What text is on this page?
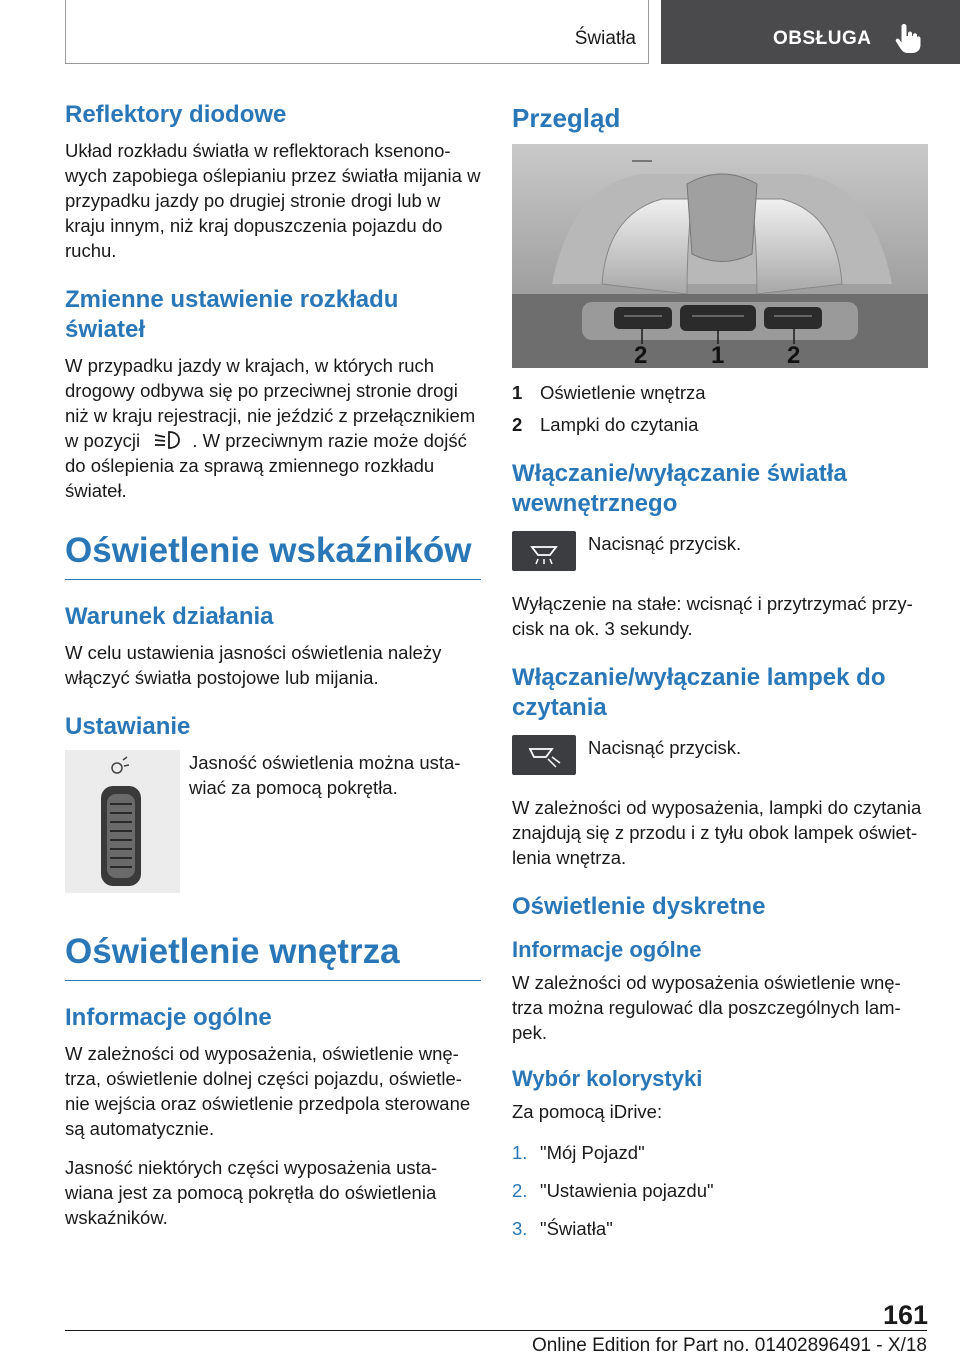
Światła	OBSŁUGA
Reflektory diodowe

Układ rozkładu światła w reflektorach ksenono-wych zapobiega oślepianiu przez światła mijania w przypadku jazdy po drugiej stronie drogi lub w kraju innym, niż kraj dopuszczenia pojazdu do ruchu.

Zmienne ustawienie rozkładu świateł

W przypadku jazdy w krajach, w których ruch drogowy odbywa się po przeciwnej stronie drogi niż w kraju rejestracji, nie jeździć z przełącznikiem w pozycji	. W przeciwnym razie może dojść do oślepienia za sprawą zmiennego rozkładu świateł.

Oświetlenie wskaźników
Warunek działania

W celu ustawienia jasności oświetlenia należy włączyć światła postojowe lub mijania.

Ustawianie
Jasność oświetlenia można usta-wiać za pomocą pokrętła.
Oświetlenie wnętrza
Informacje ogólne

W zależności od wyposażenia, oświetlenie wnę-trza, oświetlenie dolnej części pojazdu, oświetle-nie wejścia oraz oświetlenie przedpola sterowane są automatycznie.

Jasność niektórych części wyposażenia usta-wiana jest za pomocą pokrętła do oświetlenia wskaźników.

Przegląd
2	1	2
1 Oświetlenie wnętrza
2 Lampki do czytania
Włączanie/wyłączanie światła wewnętrznego
Nacisnąć przycisk.

Wyłączenie na stałe: wcisnąć i przytrzymać przy-cisk na ok. 3 sekundy.

Włączanie/wyłączanie lampek do czytania
Nacisnąć przycisk.

W zależności od wyposażenia, lampki do czytania znajdują się z przodu i z tyłu obok lampek oświet-lenia wnętrza.

Oświetlenie dyskretne
Informacje ogólne

W zależności od wyposażenia oświetlenie wnę-trza można regulować dla poszczególnych lam-pek.

Wybór kolorystyki

Za pomocą iDrive:

1. "Mój Pojazd"
2. "Ustawienia pojazdu"
3. "Światła"
161
Online Edition for Part no. 01402896491 - X/18
